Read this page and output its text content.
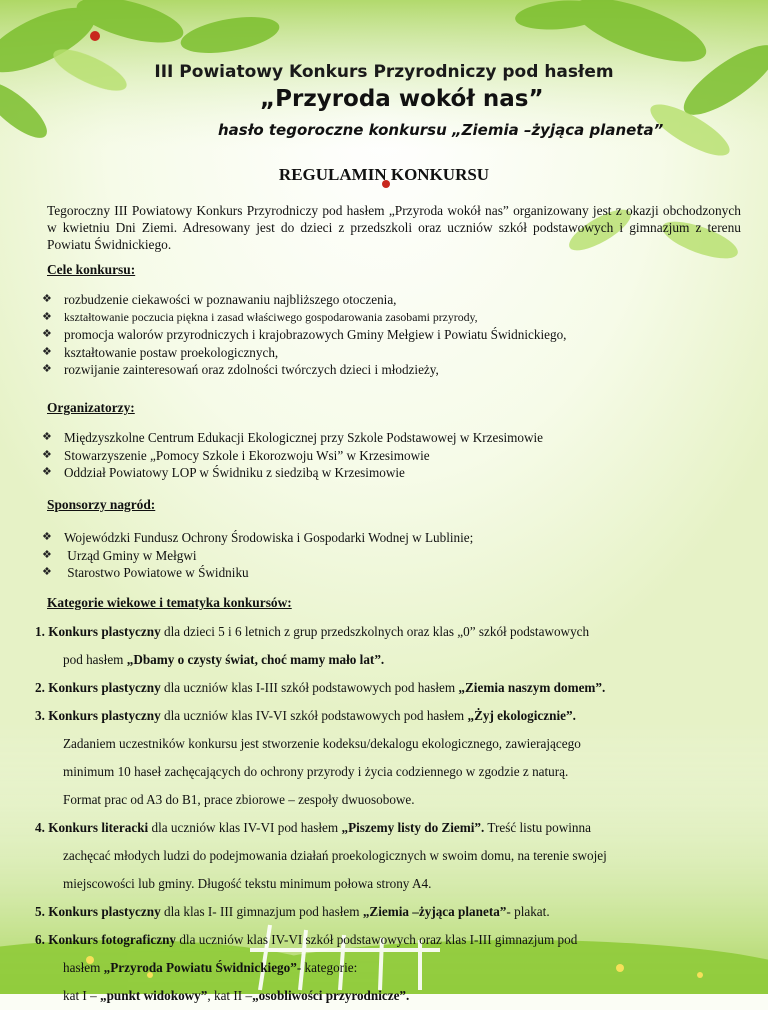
III Powiatowy Konkurs Przyrodniczy pod hasłem
„Przyroda wokół nas”
hasło tegoroczne konkursu „Ziemia –żyjąca planeta”
REGULAMIN KONKURSU
Tegoroczny III Powiatowy Konkurs Przyrodniczy pod hasłem „Przyroda wokół nas” organizowany jest z okazji obchodzonych w kwietniu Dni Ziemi. Adresowany jest do dzieci z przedszkoli oraz uczniów szkół podstawowych i gimnazjum z terenu Powiatu Świdnickiego.
Cele konkursu:
❖ rozbudzenie ciekawości w poznawaniu najbliższego otoczenia,
❖	kształtowanie poczucia piękna i zasad właściwego gospodarowania zasobami przyrody,
❖ promocja walorów przyrodniczych i krajobrazowych Gminy Mełgiew i Powiatu Świdnickiego,
❖ kształtowanie postaw proekologicznych,
❖ rozwijanie zainteresowań oraz zdolności twórczych dzieci i młodzieży,
Organizatorzy:
❖ Międzyszkolne Centrum Edukacji Ekologicznej przy Szkole Podstawowej w Krzesimowie
❖ Stowarzyszenie „Pomocy Szkole i Ekorozwoju Wsi” w Krzesimowie
❖ Oddział Powiatowy LOP w Świdniku z siedzibą w Krzesimowie
Sponsorzy nagród:
❖ Wojewódzki Fundusz Ochrony Środowiska i Gospodarki Wodnej w Lublinie;
❖ Urząd Gminy w Mełgwi
❖ Starostwo Powiatowe w Świdniku
Kategorie wiekowe i tematyka konkursów:

1. Konkurs plastyczny dla dzieci 5 i 6 letnich z grup przedszkolnych oraz klas „0” szkół podstawowych

pod hasłem „Dbamy o czysty świat, choć mamy mało lat”.

2. Konkurs plastyczny dla uczniów klas I-III szkół podstawowych pod hasłem „Ziemia naszym domem”.

3. Konkurs plastyczny dla uczniów klas IV-VI szkół podstawowych pod hasłem „Żyj ekologicznie”.

Zadaniem uczestników konkursu jest stworzenie kodeksu/dekalogu ekologicznego, zawierającego

minimum 10 haseł zachęcających do ochrony przyrody i życia codziennego w zgodzie z naturą.

Format prac od A3 do B1, prace zbiorowe – zespoły dwuosobowe.

4. Konkurs literacki dla uczniów klas IV-VI pod hasłem „Piszemy listy do Ziemi”. Treść listu powinna

zachęcać młodych ludzi do podejmowania działań proekologicznych w swoim domu, na terenie swojej

miejscowości lub gminy. Długość tekstu minimum połowa strony A4.

5. Konkurs plastyczny dla klas I- III gimnazjum pod hasłem „Ziemia –żyjąca planeta”- plakat.

6. Konkurs fotograficzny dla uczniów klas IV-VI szkół podstawowych oraz klas I-III gimnazjum pod

hasłem „Przyroda Powiatu Świdnickiego”- kategorie:

kat I – „punkt widokowy”, kat II –„osobliwości przyrodnicze”.
